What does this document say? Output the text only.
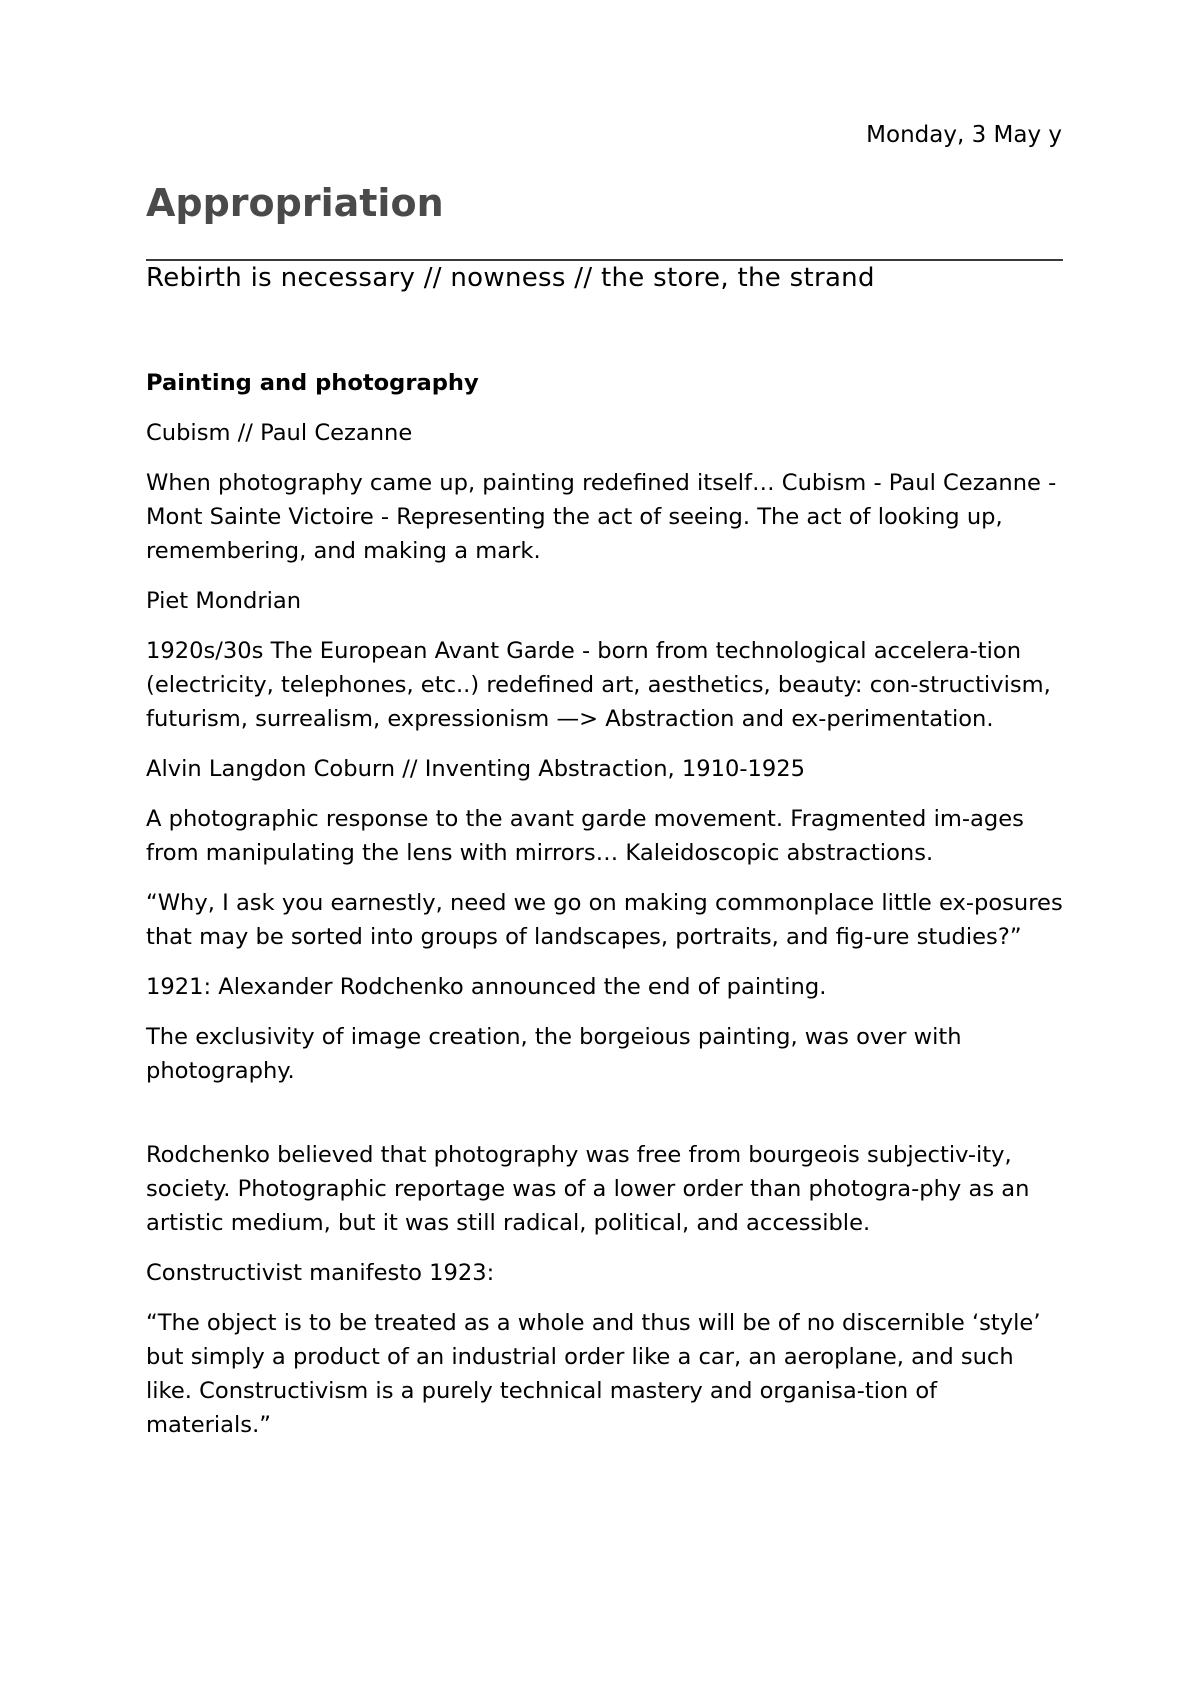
Monday, 3 May y
Appropriation
Rebirth is necessary // nowness // the store, the strand

Painting and photography

Cubism // Paul Cezanne

When photography came up, painting redefined itself… Cubism - Paul Cezanne - Mont Sainte Victoire - Representing the act of seeing. The act of looking up, remembering, and making a mark.

Piet Mondrian

1920s/30s The European Avant Garde - born from technological accelera-tion (electricity, telephones, etc..) redefined art, aesthetics, beauty: con-structivism, futurism, surrealism, expressionism —> Abstraction and ex-perimentation.

Alvin Langdon Coburn // Inventing Abstraction, 1910-1925

A photographic response to the avant garde movement. Fragmented im-ages from manipulating the lens with mirrors… Kaleidoscopic abstractions.

“Why, I ask you earnestly, need we go on making commonplace little ex-posures that may be sorted into groups of landscapes, portraits, and fig-ure studies?”

1921: Alexander Rodchenko announced the end of painting.

The exclusivity of image creation, the borgeious painting, was over with photography.

Rodchenko believed that photography was free from bourgeois subjectiv-ity, society. Photographic reportage was of a lower order than photogra-phy as an artistic medium, but it was still radical, political, and accessible.

Constructivist manifesto 1923:

“The object is to be treated as a whole and thus will be of no discernible ‘style’ but simply a product of an industrial order like a car, an aeroplane, and such like. Constructivism is a purely technical mastery and organisa-tion of materials.”
